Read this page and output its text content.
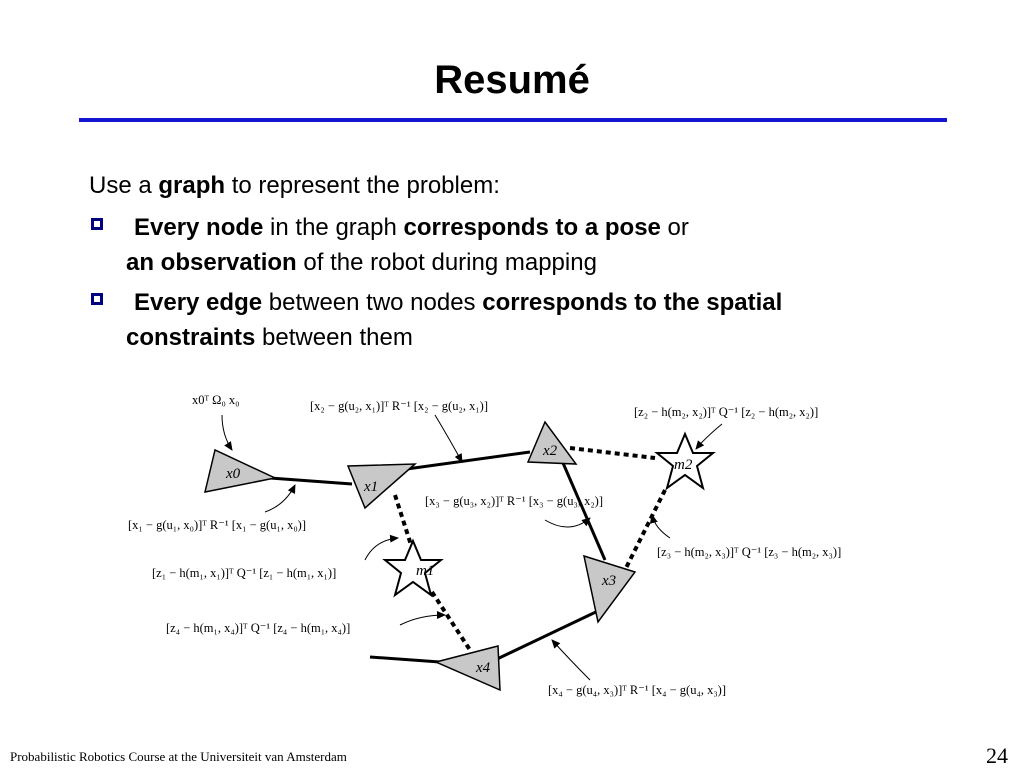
Resumé
Use a graph to represent the problem:
Every node in the graph corresponds to a pose or
an observation of the robot during mapping
Every edge between two nodes corresponds to the spatial
constraints between them
x0
x1
x2
x3
x4
m1
m2
x0ᵀ Ω₀ x₀	[x₂ − g(u₂, x₁)]ᵀ R⁻¹ [x₂ − g(u₂, x₁)]	[z₂ − h(m₂, x₂)]ᵀ Q⁻¹ [z₂ − h(m₂, x₂)]
[x₃ − g(u₃, x₂)]ᵀ R⁻¹ [x₃ − g(u₃, x₂)]
[x₁ − g(u₁, x₀)]ᵀ R⁻¹ [x₁ − g(u₁, x₀)]
[z₃ − h(m₂, x₃)]ᵀ Q⁻¹ [z₃ − h(m₂, x₃)]
[z₁ − h(m₁, x₁)]ᵀ Q⁻¹ [z₁ − h(m₁, x₁)]
[z₄ − h(m₁, x₄)]ᵀ Q⁻¹ [z₄ − h(m₁, x₄)]
[x₄ − g(u₄, x₃)]ᵀ R⁻¹ [x₄ − g(u₄, x₃)]
Probabilistic Robotics Course at the Universiteit van Amsterdam	24
